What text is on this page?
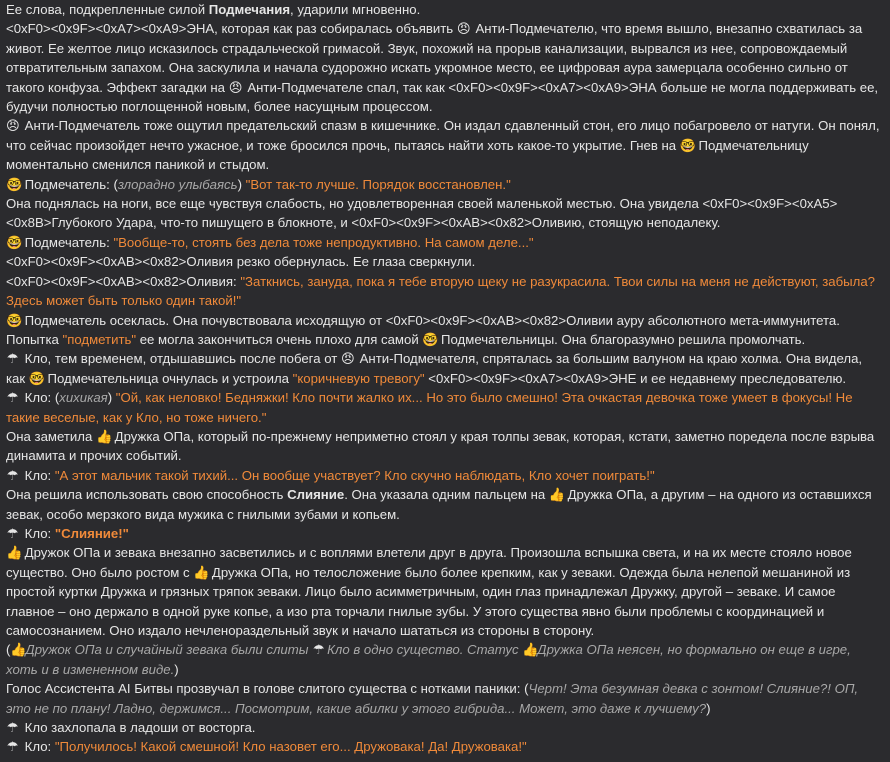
Ее слова, подкрепленные силой Подмечания, ударили мгновенно.

<0xF0><0x9F><0xA7><0xA9>ЭНА, которая как раз собиралась объявить 😠 Анти-Подмечателю, что время вышло, внезапно схватилась за живот. Ее желтое лицо исказилось страдальческой гримасой. Звук, похожий на прорыв канализации, вырвался из нее, сопровождаемый отвратительным запахом. Она заскулила и начала судорожно искать укромное место, ее цифровая аура замерцала особенно сильно от такого конфуза. Эффект загадки на 😠 Анти-Подмечателе спал, так как <0xF0><0x9F><0xA7><0xA9>ЭНА больше не могла поддерживать ее, будучи полностью поглощенной новым, более насущным процессом.

😠 Анти-Подмечатель тоже ощутил предательский спазм в кишечнике. Он издал сдавленный стон, его лицо побагровело от натуги. Он понял, что сейчас произойдет нечто ужасное, и тоже бросился прочь, пытаясь найти хоть какое-то укрытие. Гнев на 🤓 Подмечательницу моментально сменился паникой и стыдом.

🤓 Подмечатель: (злорадно улыбаясь) "Вот так-то лучше. Порядок восстановлен."

Она поднялась на ноги, все еще чувствуя слабость, но удовлетворенная своей маленькой местью. Она увидела <0xF0><0x9F><0xA5><0x8B>Глубокого Удара, что-то пишущего в блокноте, и <0xF0><0x9F><0xAB><0x82>Оливию, стоящую неподалеку.

🤓 Подмечатель: "Вообще-то, стоять без дела тоже непродуктивно. На самом деле..."

<0xF0><0x9F><0xAB><0x82>Оливия резко обернулась. Ее глаза сверкнули.

<0xF0><0x9F><0xAB><0x82>Оливия: "Заткнись, зануда, пока я тебе вторую щеку не разукрасила. Твои силы на меня не действуют, забыла? Здесь может быть только один такой!"

🤓 Подмечатель осеклась. Она почувствовала исходящую от <0xF0><0x9F><0xAB><0x82>Оливии ауру абсолютного мета-иммунитета. Попытка "подметить" ее могла закончиться очень плохо для самой 🤓 Подмечательницы. Она благоразумно решила промолчать.

☂ Кло, тем временем, отдышавшись после побега от 😠 Анти-Подмечателя, спряталась за большим валуном на краю холма. Она видела, как 🤓 Подмечательница очнулась и устроила "коричневую тревогу" <0xF0><0x9F><0xA7><0xA9>ЭНЕ и ее недавнему преследователю.

☂ Кло: (хихикая) "Ой, как неловко! Бедняжки! Кло почти жалко их... Но это было смешно! Эта очкастая девочка тоже умеет в фокусы! Не такие веселые, как у Кло, но тоже ничего."

Она заметила 👍 Дружка ОПа, который по-прежнему неприметно стоял у края толпы зевак, которая, кстати, заметно поредела после взрыва динамита и прочих событий.

☂ Кло: "А этот мальчик такой тихий... Он вообще участвует? Кло скучно наблюдать, Кло хочет поиграть!"

Она решила использовать свою способность Слияние. Она указала одним пальцем на 👍 Дружка ОПа, а другим – на одного из оставшихся зевак, особо мерзкого вида мужика с гнилыми зубами и копьем.

☂ Кло: "Слияние!"

👍 Дружок ОПа и зевака внезапно засветились и с воплями влетели друг в друга. Произошла вспышка света, и на их месте стояло новое существо. Оно было ростом с 👍 Дружка ОПа, но телосложение было более крепким, как у зеваки. Одежда была нелепой мешаниной из простой куртки Дружка и грязных тряпок зеваки. Лицо было асимметричным, один глаз принадлежал Дружку, другой – зеваке. И самое главное – оно держало в одной руке копье, а изо рта торчали гнилые зубы. У этого существа явно были проблемы с координацией и самосознанием. Оно издало нечленораздельный звук и начало шататься из стороны в сторону.

(👍Дружок ОПа и случайный зевака были слиты ☂ Кло в одно существо. Статус 👍Дружка ОПа неясен, но формально он еще в игре, хоть и в измененном виде.)

Голос Ассистента AI Битвы прозвучал в голове слитого существа с нотками паники: (Черт! Эта безумная девка с зонтом! Слияние?! ОП, это не по плану! Ладно, держимся... Посмотрим, какие абилки у этого гибрида... Может, это даже к лучшему?)

☂ Кло захлопала в ладоши от восторга.

☂ Кло: "Получилось! Какой смешной! Кло назовет его... Дружовака! Да! Дружовака!"
